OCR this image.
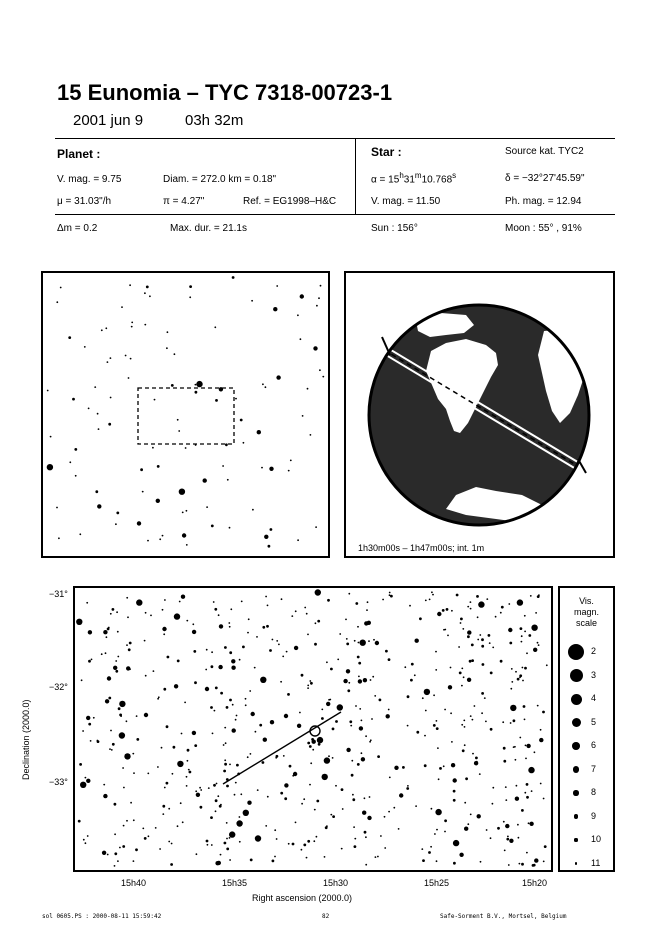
15 Eunomia – TYC 7318-00723-1
2001 jun 9	03h 32m
Planet :
V. mag. = 9.75	Diam. = 272.0 km = 0.18"
μ = 31.03"/h	π = 4.27"	Ref. = EG1998–H&C
Δm = 0.2	Max. dur. = 21.1s
Star :	Source kat. TYC2
$\alpha = 15^h31^m10.768^s$	δ = −32°27'45.59"
V. mag. = 11.50	Ph. mag. = 12.94
Sun : 156°	Moon : 55° , 91%
1h30m00s – 1h47m00s; int. 1m
−31°
−32°
−33°
Declination (2000.0)
15h40	15h35	15h30	15h25	15h20
Right ascension (2000.0)
Vis.
magn.
scale
2
3
4
5
6
7
8
9
10
11
sol 0605.PS : 2000-08-11 15:59:42	82	Safe-Sorment B.V., Mortsel, Belgium
